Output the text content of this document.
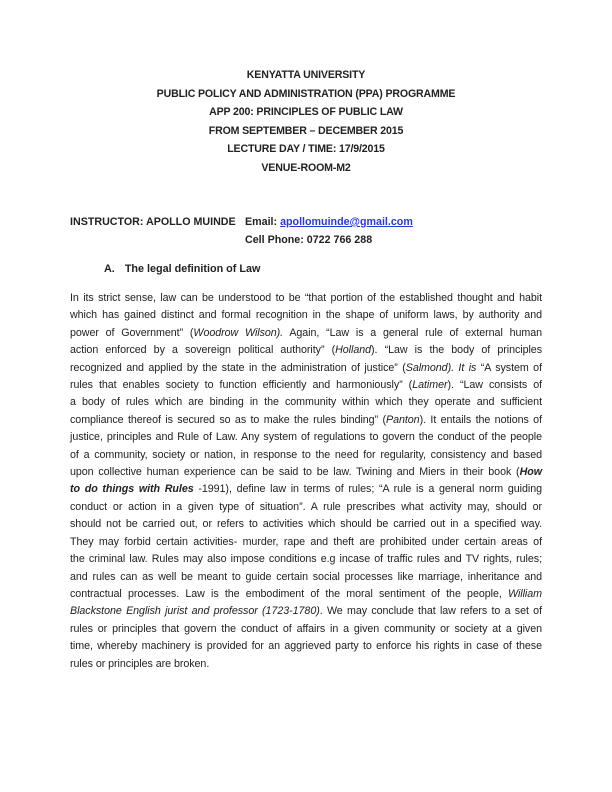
KENYATTA UNIVERSITY
PUBLIC POLICY AND ADMINISTRATION (PPA) PROGRAMME
APP 200: PRINCIPLES OF PUBLIC LAW
FROM SEPTEMBER – DECEMBER 2015
LECTURE DAY / TIME: 17/9/2015
VENUE-ROOM-M2
INSTRUCTOR: APOLLO MUINDE Email: apollomuinde@gmail.com
Cell Phone: 0722 766 288
A. The legal definition of Law
In its strict sense, law can be understood to be “that portion of the established thought and habit
which has gained distinct and formal recognition in the shape of uniform laws, by authority and
power of Government” (Woodrow Wilson). Again, “Law is a general rule of external human
action enforced by a sovereign political authority” (Holland). “Law is the body of principles
recognized and applied by the state in the administration of justice” (Salmond). It is “A system of
rules that enables society to function efficiently and harmoniously” (Latimer). “Law consists of
a body of rules which are binding in the community within which they operate and sufficient
compliance thereof is secured so as to make the rules binding” (Panton). It entails the notions of
justice, principles and Rule of Law. Any system of regulations to govern the conduct of the people
of a community, society or nation, in response to the need for regularity, consistency and based
upon collective human experience can be said to be law. Twining and Miers in their book (How
to do things with Rules -1991), define law in terms of rules; “A rule is a general norm guiding
conduct or action in a given type of situation”. A rule prescribes what activity may, should or
should not be carried out, or refers to activities which should be carried out in a specified way.
They may forbid certain activities- murder, rape and theft are prohibited under certain areas of
the criminal law. Rules may also impose conditions e.g incase of traffic rules and TV rights, rules;
and rules can as well be meant to guide certain social processes like marriage, inheritance and
contractual processes. Law is the embodiment of the moral sentiment of the people, William
Blackstone English jurist and professor (1723-1780). We may conclude that law refers to a set of
rules or principles that govern the conduct of affairs in a given community or society at a given
time, whereby machinery is provided for an aggrieved party to enforce his rights in case of these
rules or principles are broken.
